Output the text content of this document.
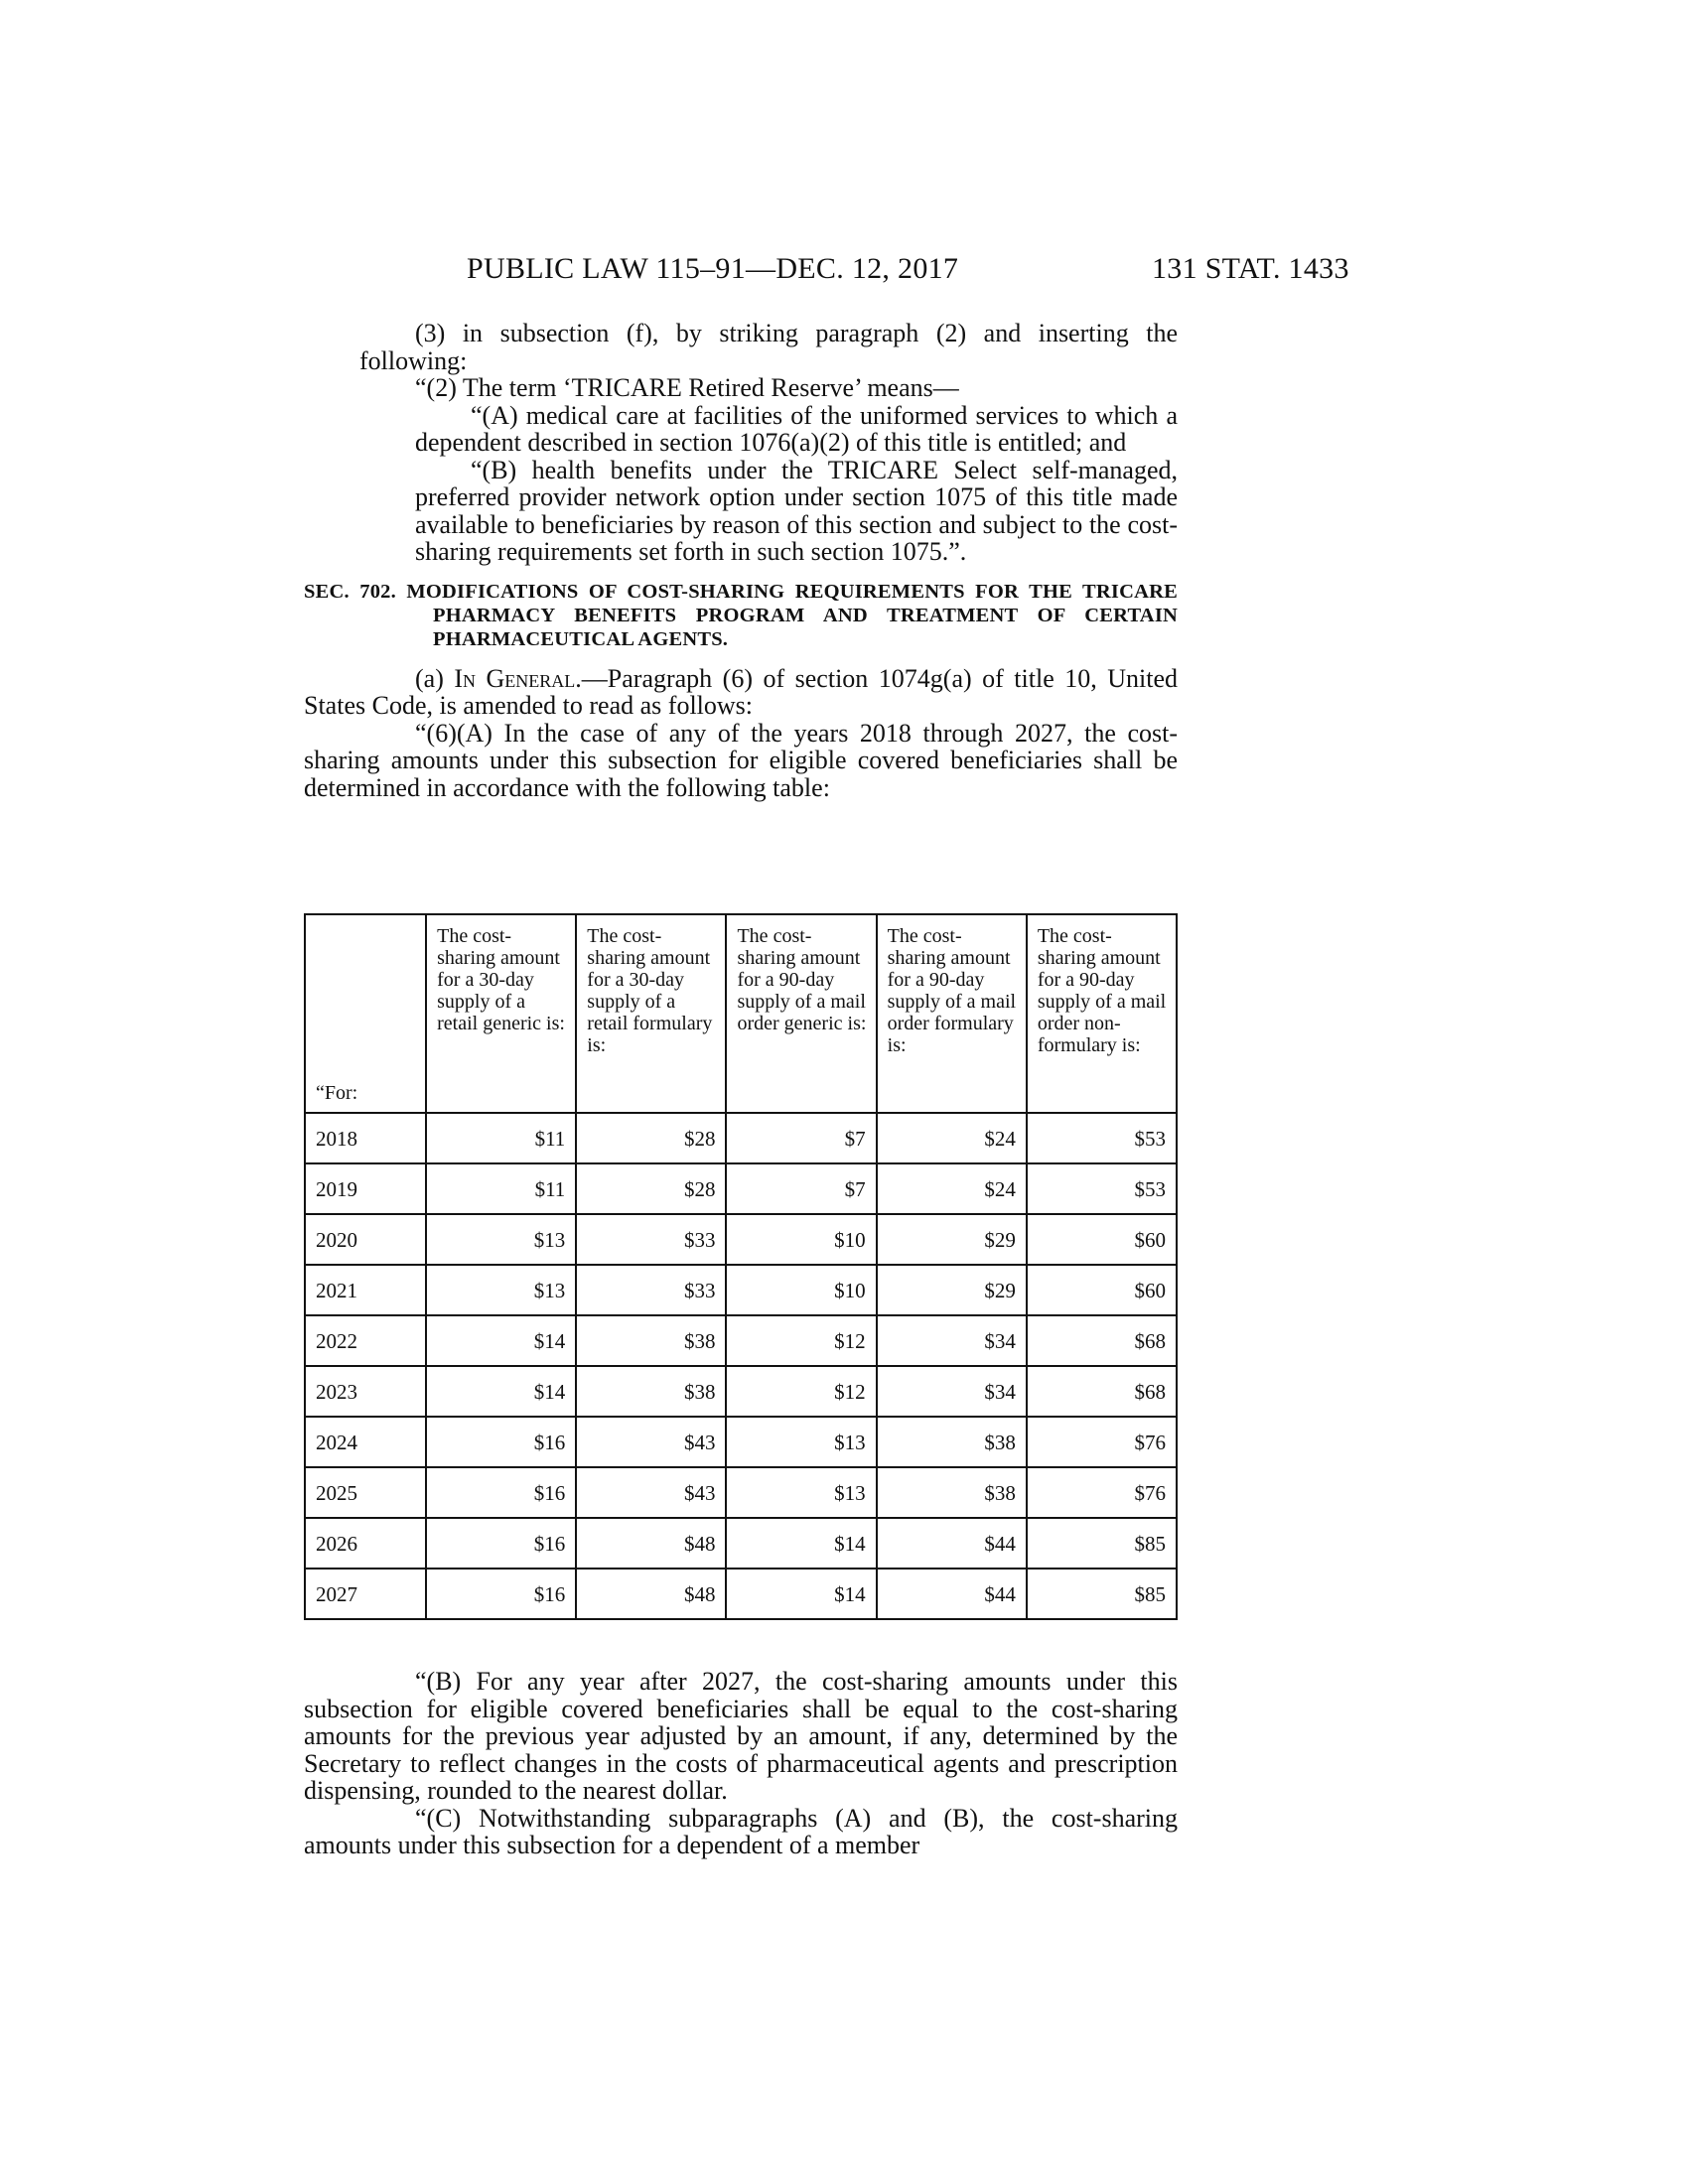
PUBLIC LAW 115–91—DEC. 12, 2017	131 STAT. 1433

(3) in subsection (f), by striking paragraph (2) and inserting the following:

“(2) The term ‘TRICARE Retired Reserve’ means—

“(A) medical care at facilities of the uniformed services to which a dependent described in section 1076(a)(2) of this title is entitled; and

“(B) health benefits under the TRICARE Select self-managed, preferred provider network option under section 1075 of this title made available to beneficiaries by reason of this section and subject to the cost-sharing requirements set forth in such section 1075.”.

SEC. 702. MODIFICATIONS OF COST-SHARING REQUIREMENTS FOR THE TRICARE PHARMACY BENEFITS PROGRAM AND TREATMENT OF CERTAIN PHARMACEUTICAL AGENTS.

(a) In General.—Paragraph (6) of section 1074g(a) of title 10, United States Code, is amended to read as follows:

“(6)(A) In the case of any of the years 2018 through 2027, the cost-sharing amounts under this subsection for eligible covered beneficiaries shall be determined in accordance with the following table:

“For:	The cost-sharing amount for a 30-day supply of a retail generic is:	The cost-sharing amount for a 30-day supply of a retail formulary is:	The cost-sharing amount for a 90-day supply of a mail order generic is:	The cost-sharing amount for a 90-day supply of a mail order formulary is:	The cost-sharing amount for a 90-day supply of a mail order non-formulary is:
2018	$11	$28	$7	$24	$53
2019	$11	$28	$7	$24	$53
2020	$13	$33	$10	$29	$60
2021	$13	$33	$10	$29	$60
2022	$14	$38	$12	$34	$68
2023	$14	$38	$12	$34	$68
2024	$16	$43	$13	$38	$76
2025	$16	$43	$13	$38	$76
2026	$16	$48	$14	$44	$85
2027	$16	$48	$14	$44	$85

“(B) For any year after 2027, the cost-sharing amounts under this subsection for eligible covered beneficiaries shall be equal to the cost-sharing amounts for the previous year adjusted by an amount, if any, determined by the Secretary to reflect changes in the costs of pharmaceutical agents and prescription dispensing, rounded to the nearest dollar.

“(C) Notwithstanding subparagraphs (A) and (B), the cost-sharing amounts under this subsection for a dependent of a member
